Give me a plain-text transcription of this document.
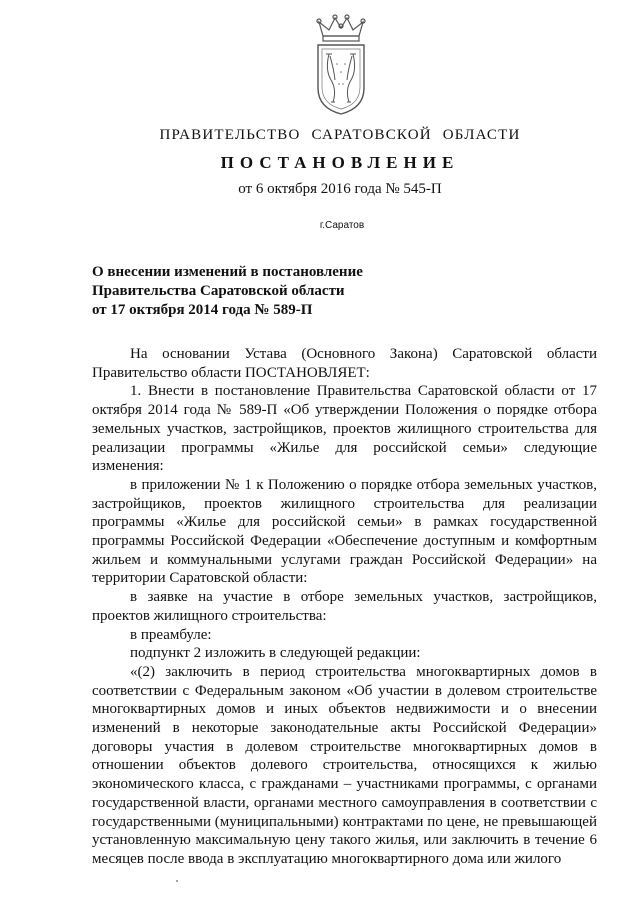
ПРАВИТЕЛЬСТВО САРАТОВСКОЙ ОБЛАСТИ
ПОСТАНОВЛЕНИЕ
от 6 октября 2016 года № 545-П
г.Саратов
О внесении изменений в постановление
Правительства Саратовской области
от 17 октября 2014 года № 589-П

На основании Устава (Основного Закона) Саратовской области Правительство области ПОСТАНОВЛЯЕТ:

1. Внести в постановление Правительства Саратовской области от 17 октября 2014 года № 589-П «Об утверждении Положения о порядке отбора земельных участков, застройщиков, проектов жилищного строительства для реализации программы «Жилье для российской семьи» следующие изменения:

в приложении № 1 к Положению о порядке отбора земельных участков, застройщиков, проектов жилищного строительства для реализации программы «Жилье для российской семьи» в рамках государственной программы Российской Федерации «Обеспечение доступным и комфортным жильем и коммунальными услугами граждан Российской Федерации» на территории Саратовской области:

в заявке на участие в отборе земельных участков, застройщиков, проектов жилищного строительства:

в преамбуле:

подпункт 2 изложить в следующей редакции:

«(2) заключить в период строительства многоквартирных домов в соответствии с Федеральным законом «Об участии в долевом строительстве многоквартирных домов и иных объектов недвижимости и о внесении изменений в некоторые законодательные акты Российской Федерации» договоры участия в долевом строительстве многоквартирных домов в отношении объектов долевого строительства, относящихся к жилью экономического класса, с гражданами – участниками программы, с органами государственной власти, органами местного самоуправления в соответствии с государственными (муниципальными) контрактами по цене, не превышающей установленную максимальную цену такого жилья, или заключить в течение 6 месяцев после ввода в эксплуатацию многоквартирного дома или жилого
